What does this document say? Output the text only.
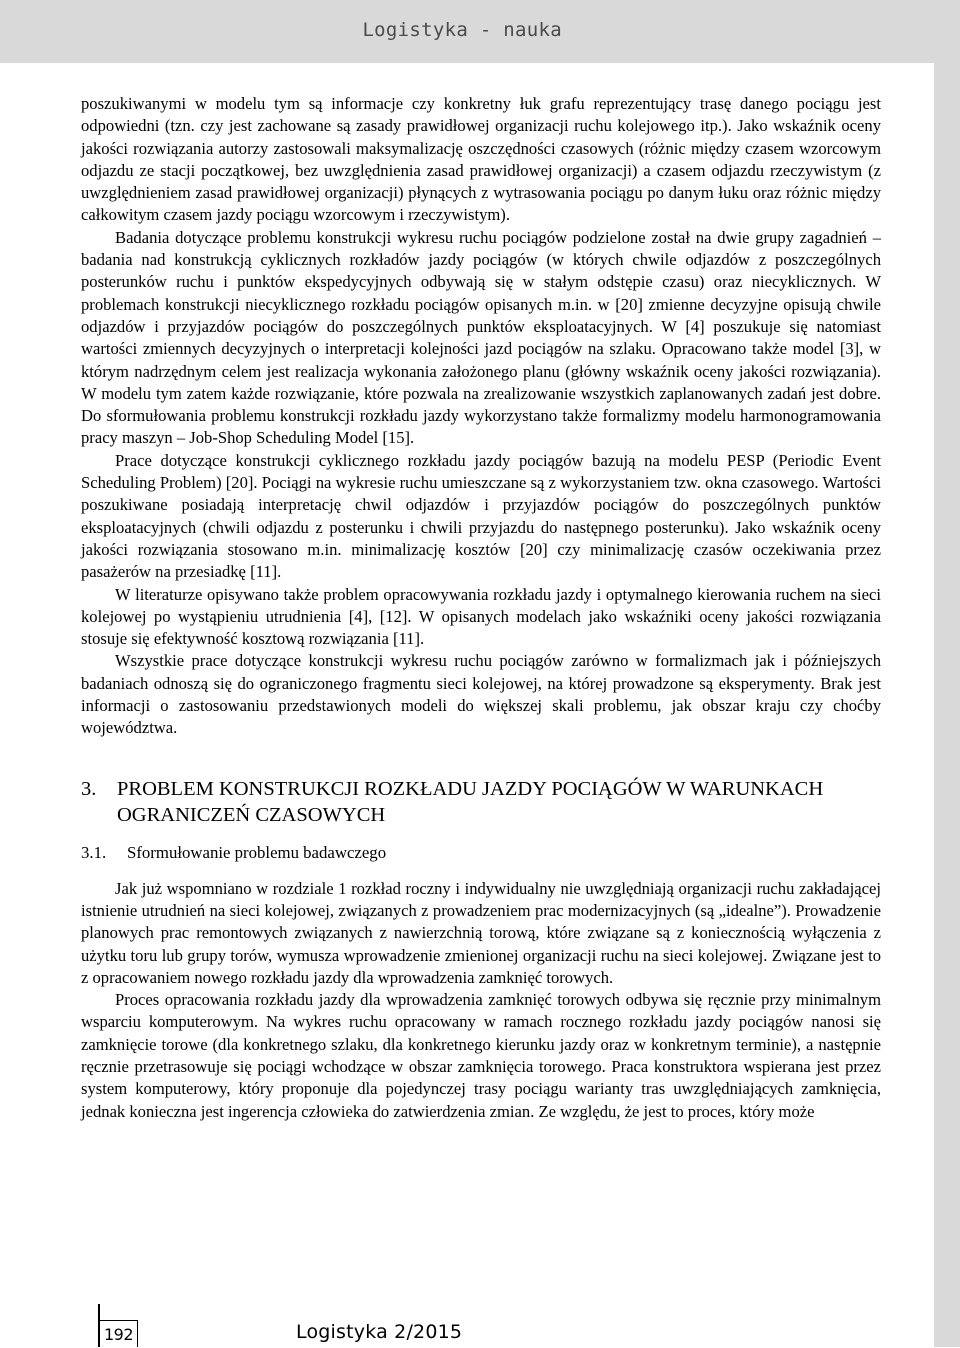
Logistyka - nauka

poszukiwanymi w modelu tym są informacje czy konkretny łuk grafu reprezentujący trasę danego pociągu jest odpowiedni (tzn. czy jest zachowane są zasady prawidłowej organizacji ruchu kolejowego itp.). Jako wskaźnik oceny jakości rozwiązania autorzy zastosowali maksymalizację oszczędności czasowych (różnic między czasem wzorcowym odjazdu ze stacji początkowej, bez uwzględnienia zasad prawidłowej organizacji) a czasem odjazdu rzeczywistym (z uwzględnieniem zasad prawidłowej organizacji) płynących z wytrasowania pociągu po danym łuku oraz różnic między całkowitym czasem jazdy pociągu wzorcowym i rzeczywistym).

Badania dotyczące problemu konstrukcji wykresu ruchu pociągów podzielone został na dwie grupy zagadnień – badania nad konstrukcją cyklicznych rozkładów jazdy pociągów (w których chwile odjazdów z poszczególnych posterunków ruchu i punktów ekspedycyjnych odbywają się w stałym odstępie czasu) oraz niecyklicznych. W problemach konstrukcji niecyklicznego rozkładu pociągów opisanych m.in. w [20] zmienne decyzyjne opisują chwile odjazdów i przyjazdów pociągów do poszczególnych punktów eksploatacyjnych. W [4] poszukuje się natomiast wartości zmiennych decyzyjnych o interpretacji kolejności jazd pociągów na szlaku. Opracowano także model [3], w którym nadrzędnym celem jest realizacja wykonania założonego planu (główny wskaźnik oceny jakości rozwiązania). W modelu tym zatem każde rozwiązanie, które pozwala na zrealizowanie wszystkich zaplanowanych zadań jest dobre. Do sformułowania problemu konstrukcji rozkładu jazdy wykorzystano także formalizmy modelu harmonogramowania pracy maszyn – Job-Shop Scheduling Model [15].

Prace dotyczące konstrukcji cyklicznego rozkładu jazdy pociągów bazują na modelu PESP (Periodic Event Scheduling Problem) [20]. Pociągi na wykresie ruchu umieszczane są z wykorzystaniem tzw. okna czasowego. Wartości poszukiwane posiadają interpretację chwil odjazdów i przyjazdów pociągów do poszczególnych punktów eksploatacyjnych (chwili odjazdu z posterunku i chwili przyjazdu do następnego posterunku). Jako wskaźnik oceny jakości rozwiązania stosowano m.in. minimalizację kosztów [20] czy minimalizację czasów oczekiwania przez pasażerów na przesiadkę [11].

W literaturze opisywano także problem opracowywania rozkładu jazdy i optymalnego kierowania ruchem na sieci kolejowej po wystąpieniu utrudnienia [4], [12]. W opisanych modelach jako wskaźniki oceny jakości rozwiązania stosuje się efektywność kosztową rozwiązania [11].

Wszystkie prace dotyczące konstrukcji wykresu ruchu pociągów zarówno w formalizmach jak i późniejszych badaniach odnoszą się do ograniczonego fragmentu sieci kolejowej, na której prowadzone są eksperymenty. Brak jest informacji o zastosowaniu przedstawionych modeli do większej skali problemu, jak obszar kraju czy choćby województwa.

3.	PROBLEM KONSTRUKCJI ROZKŁADU JAZDY POCIĄGÓW W WARUNKACH OGRANICZEŃ CZASOWYCH
3.1.	Sformułowanie problemu badawczego

Jak już wspomniano w rozdziale 1 rozkład roczny i indywidualny nie uwzględniają organizacji ruchu zakładającej istnienie utrudnień na sieci kolejowej, związanych z prowadzeniem prac modernizacyjnych (są „idealne”). Prowadzenie planowych prac remontowych związanych z nawierzchnią torową, które związane są z koniecznością wyłączenia z użytku toru lub grupy torów, wymusza wprowadzenie zmienionej organizacji ruchu na sieci kolejowej. Związane jest to z opracowaniem nowego rozkładu jazdy dla wprowadzenia zamknięć torowych.

Proces opracowania rozkładu jazdy dla wprowadzenia zamknięć torowych odbywa się ręcznie przy minimalnym wsparciu komputerowym. Na wykres ruchu opracowany w ramach rocznego rozkładu jazdy pociągów nanosi się zamknięcie torowe (dla konkretnego szlaku, dla konkretnego kierunku jazdy oraz w konkretnym terminie), a następnie ręcznie przetrasowuje się pociągi wchodzące w obszar zamknięcia torowego. Praca konstruktora wspierana jest przez system komputerowy, który proponuje dla pojedynczej trasy pociągu warianty tras uwzględniających zamknięcia, jednak konieczna jest ingerencja człowieka do zatwierdzenia zmian. Ze względu, że jest to proces, który może

192	Logistyka 2/2015
